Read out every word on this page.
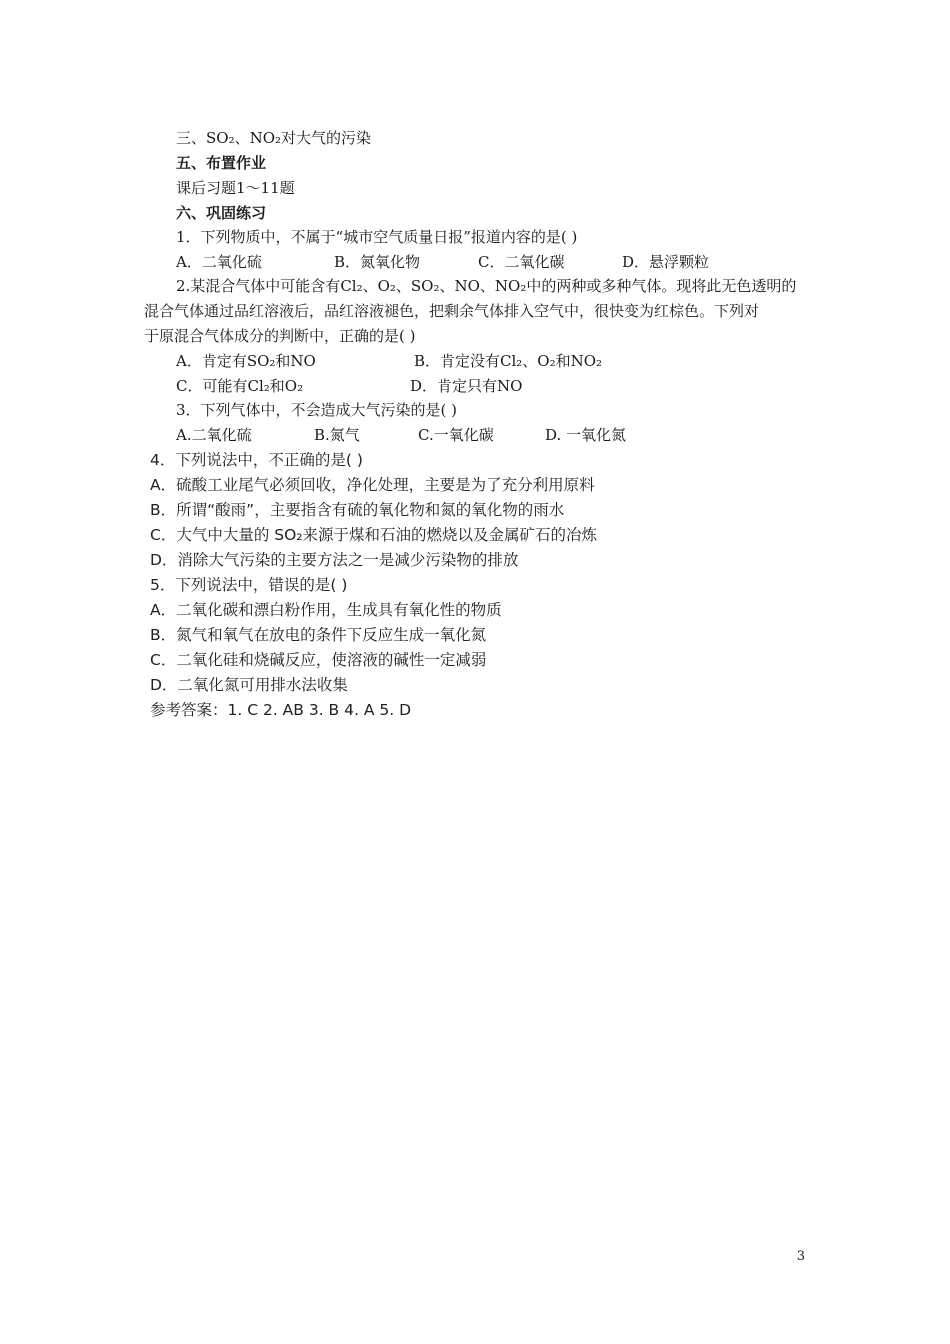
三、SO₂、NO₂对大气的污染
五、布置作业
课后习题1～11题
六、巩固练习
1．下列物质中，不属于“城市空气质量日报”报道内容的是( )
A．二氧化硫	B．氮氧化物	C．二氧化碳	D．悬浮颗粒
2.某混合气体中可能含有Cl₂、O₂、SO₂、NO、NO₂中的两种或多种气体。现将此无色透明的
混合气体通过品红溶液后，品红溶液褪色，把剩余气体排入空气中，很快变为红棕色。下列对
于原混合气体成分的判断中，正确的是( )
A．肯定有SO₂和NO	B．肯定没有Cl₂、O₂和NO₂
C．可能有Cl₂和O₂	D．肯定只有NO
3．下列气体中，不会造成大气污染的是( )
A.二氧化硫	B.氮气	C.一氧化碳	D. 一氧化氮
4．下列说法中，不正确的是( )
A．硫酸工业尾气必须回收，净化处理，主要是为了充分利用原料
B．所谓“酸雨”，主要指含有硫的氧化物和氮的氧化物的雨水
C．大气中大量的 SO₂来源于煤和石油的燃烧以及金属矿石的冶炼
D．消除大气污染的主要方法之一是减少污染物的排放
5．下列说法中，错误的是( )
A．二氧化碳和漂白粉作用，生成具有氧化性的物质
B．氮气和氧气在放电的条件下反应生成一氧化氮
C．二氧化硅和烧碱反应，使溶液的碱性一定减弱
D．二氧化氮可用排水法收集
参考答案：1. C 2. AB 3. B 4. A 5. D
3
